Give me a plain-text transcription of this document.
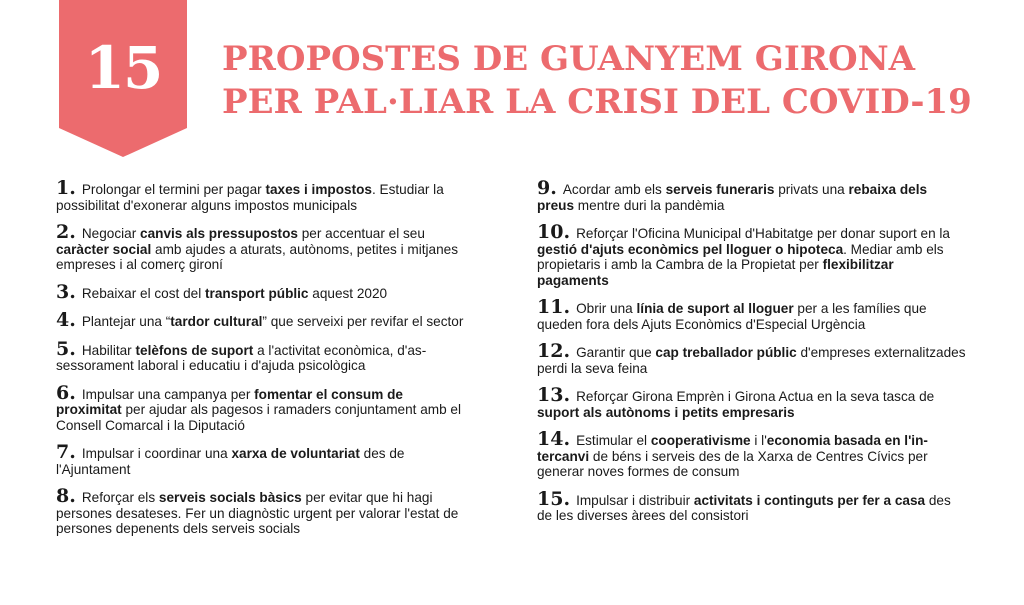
15	PROPOSTES DE GUANYEM GIRONA
PER PAL·LIAR LA CRISI DEL COVID-19
1. Prolongar el termini per pagar taxes i impostos. Estudiar la possibilitat d'exonerar alguns impostos municipals
2. Negociar canvis als pressupostos per accentuar el seu caràcter social amb ajudes a aturats, autònoms, petites i mitjanes empreses i al comerç gironí
3. Rebaixar el cost del transport públic aquest 2020
4. Plantejar una “tardor cultural” que serveixi per revifar el sector
5. Habilitar telèfons de suport a l'activitat econòmica, d'assessorament laboral i educatiu i d'ajuda psicològica
6. Impulsar una campanya per fomentar el consum de proximitat per ajudar als pagesos i ramaders conjuntament amb el Consell Comarcal i la Diputació
7. Impulsar i coordinar una xarxa de voluntariat des de l'Ajuntament
8. Reforçar els serveis socials bàsics per evitar que hi hagi persones desateses. Fer un diagnòstic urgent per valorar l'estat de persones depenents dels serveis socials
9. Acordar amb els serveis funeraris privats una rebaixa dels preus mentre duri la pandèmia
10. Reforçar l'Oficina Municipal d'Habitatge per donar suport en la gestió d'ajuts econòmics pel lloguer o hipoteca. Mediar amb els propietaris i amb la Cambra de la Propietat per flexibilitzar pagaments
11. Obrir una línia de suport al lloguer per a les famílies que queden fora dels Ajuts Econòmics d'Especial Urgència
12. Garantir que cap treballador públic d'empreses externalitzades perdi la seva feina
13. Reforçar Girona Emprèn i Girona Actua en la seva tasca de suport als autònoms i petits empresaris
14. Estimular el cooperativisme i l'economia basada en l'intercanvi de béns i serveis des de la Xarxa de Centres Cívics per generar noves formes de consum
15. Impulsar i distribuir activitats i continguts per fer a casa des de les diverses àrees del consistori
